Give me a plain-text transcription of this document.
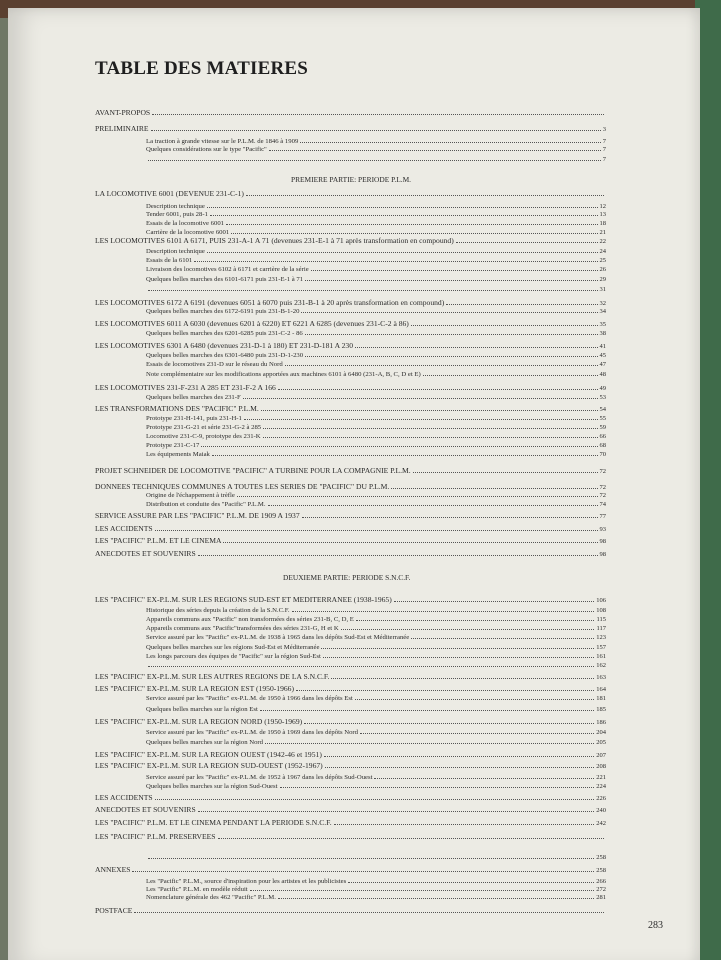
TABLE DES MATIERES
AVANT-PROPOS
PRELIMINAIRE	3
La traction à grande vitesse sur le P.L.M. de 1846 à 1909	7
Quelques considérations sur le type "Pacific"	7
7
LA LOCOMOTIVE 6001 (DEVENUE 231-C-1)
Description technique	12
Tender 6001, puis 28-1	13
Essais de la locomotive 6001	18
Carrière de la locomotive 6001	21
LES LOCOMOTIVES 6101 A 6171, PUIS 231-A-1 A 71 (devenues 231-E-1 à 71 après transformation en compound)	22
Description technique	24
Essais de la 6101	25
Livraison des locomotives 6102 à 6171 et carrière de la série	26
Quelques belles marches des 6101-6171 puis 231-E-1 à 71	29
31
LES LOCOMOTIVES 6172 A 6191 (devenues 6051 à 6070 puis 231-B-1 à 20 après transformation en compound)	32
Quelques belles marches des 6172-6191 puis 231-B-1-20	34
LES LOCOMOTIVES 6011 A 6030 (devenues 6201 à 6220) ET 6221 A 6285 (devenues 231-C-2 à 86)	35
Quelques belles marches des 6201-6285 puis 231-C-2 - 86	38
LES LOCOMOTIVES 6301 A 6480 (devenues 231-D-1 à 180) ET 231-D-181 A 230	41
Quelques belles marches des 6301-6480 puis 231-D-1-230	45
Essais de locomotives 231-D sur le réseau du Nord	47
Note complémentaire sur les modifications apportées aux machines 6101 à 6480 (231-A, B, C, D et E)	48
LES LOCOMOTIVES 231-F-231 A 285 ET 231-F-2 A 166	49
Quelques belles marches des 231-F	53
LES TRANSFORMATIONS DES "PACIFIC" P.L.M.	54
Prototype 231-H-141, puis 231-H-1	55
Prototype 231-G-21 et série 231-G-2 à 285	59
Locomotive 231-C-9, prototype des 231-K	66
Prototype 231-C-17	68
Les équipements Maiak	70
PROJET SCHNEIDER DE LOCOMOTIVE "PACIFIC" A TURBINE POUR LA COMPAGNIE P.L.M.	72
DONNEES TECHNIQUES COMMUNES A TOUTES LES SERIES DE "PACIFIC" DU P.L.M.	72
Origine de l'échappement à trèfle	72
Distribution et conduite des "Pacific" P.L.M.	74
SERVICE ASSURE PAR LES "PACIFIC" P.L.M. DE 1909 A 1937	77
LES ACCIDENTS	93
LES "PACIFIC" P.L.M. ET LE CINEMA	98
ANECDOTES ET SOUVENIRS	98
LES "PACIFIC" EX-P.L.M. SUR LES REGIONS SUD-EST ET MEDITERRANEE (1938-1965)	106
Historique des séries depuis la création de la S.N.C.F.	108
Appareils communs aux "Pacific" non transformées des séries 231-B, C, D, E	115
Appareils communs aux "Pacific"transformées des séries 231-G, H et K	117
Service assuré par les "Pacific" ex-P.L.M. de 1938 à 1965 dans les dépôts Sud-Est et Méditerranée	123
Quelques belles marches sur les régions Sud-Est et Méditerranée	157
Les longs parcours des équipes de "Pacific" sur la région Sud-Est	161
162
LES "PACIFIC" EX-P.L.M. SUR LES AUTRES REGIONS DE LA S.N.C.F.	163
LES "PACIFIC" EX-P.L.M. SUR LA REGION EST (1950-1966)	164
Service assuré par les "Pacific" ex-P.L.M. de 1950 à 1966 dans les dépôts Est	181
Quelques belles marches sur la région Est	185
LES "PACIFIC" EX-P.L.M. SUR LA REGION NORD (1950-1969)	186
Service assuré par les "Pacific" ex-P.L.M. de 1950 à 1969 dans les dépôts Nord	204
Quelques belles marches sur la région Nord	205
LES "PACIFIC" EX-P.L.M. SUR LA REGION OUEST (1942-46 et 1951)	207
LES "PACIFIC" EX-P.L.M. SUR LA REGION SUD-OUEST (1952-1967)	208
Service assuré par les "Pacific" ex-P.L.M. de 1952 à 1967 dans les dépôts Sud-Ouest	221
Quelques belles marches sur la région Sud-Ouest	224
LES ACCIDENTS	226
ANECDOTES ET SOUVENIRS	240
LES "PACIFIC" P.L.M. ET LE CINEMA PENDANT LA PERIODE S.N.C.F.	242
LES "PACIFIC" P.L.M. PRESERVEES
258
ANNEXES	258
Les "Pacific" P.L.M., source d'inspiration pour les artistes et les publicistes	266
Les "Pacific" P.L.M. en modèle réduit	272
Nomenclature générale des 462 "Pacific" P.L.M.	281
POSTFACE
PREMIERE PARTIE: PERIODE P.L.M.
DEUXIEME PARTIE: PERIODE S.N.C.F.
283
